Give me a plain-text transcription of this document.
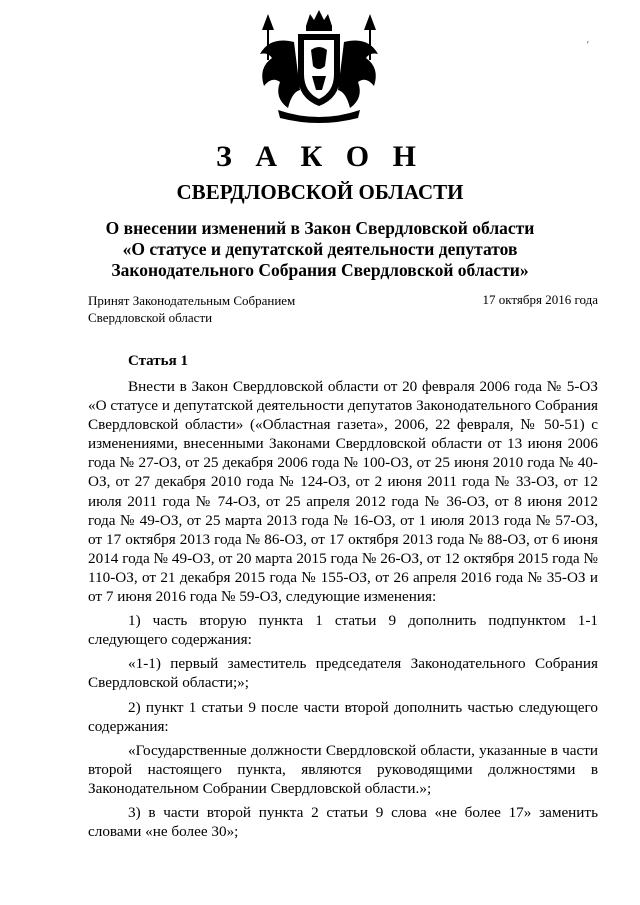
ˊ
З А К О Н
СВЕРДЛОВСКОЙ ОБЛАСТИ
О внесении изменений в Закон Свердловской области
«О статусе и депутатской деятельности депутатов
Законодательного Собрания Свердловской области»
Принят Законодательным Собранием
Свердловской области
17 октября 2016 года
Статья 1

Внести в Закон Свердловской области от 20 февраля 2006 года № 5-ОЗ «О статусе и депутатской деятельности депутатов Законодательного Собрания Свердловской области» («Областная газета», 2006, 22 февраля, № 50-51) с изменениями, внесенными Законами Свердловской области от 13 июня 2006 года № 27-ОЗ, от 25 декабря 2006 года № 100-ОЗ, от 25 июня 2010 года № 40-ОЗ, от 27 декабря 2010 года № 124-ОЗ, от 2 июня 2011 года № 33-ОЗ, от 12 июля 2011 года № 74-ОЗ, от 25 апреля 2012 года № 36-ОЗ, от 8 июня 2012 года № 49-ОЗ, от 25 марта 2013 года № 16-ОЗ, от 1 июля 2013 года № 57-ОЗ, от 17 октября 2013 года № 86-ОЗ, от 17 октября 2013 года № 88-ОЗ, от 6 июня 2014 года № 49-ОЗ, от 20 марта 2015 года № 26-ОЗ, от 12 октября 2015 года № 110-ОЗ, от 21 декабря 2015 года № 155-ОЗ, от 26 апреля 2016 года № 35-ОЗ и от 7 июня 2016 года № 59-ОЗ, следующие изменения:

1) часть вторую пункта 1 статьи 9 дополнить подпунктом 1-1 следующего содержания:

«1-1) первый заместитель председателя Законодательного Собрания Свердловской области;»;

2) пункт 1 статьи 9 после части второй дополнить частью следующего содержания:

«Государственные должности Свердловской области, указанные в части второй настоящего пункта, являются руководящими должностями в Законодательном Собрании Свердловской области.»;

3) в части второй пункта 2 статьи 9 слова «не более 17» заменить словами «не более 30»;
